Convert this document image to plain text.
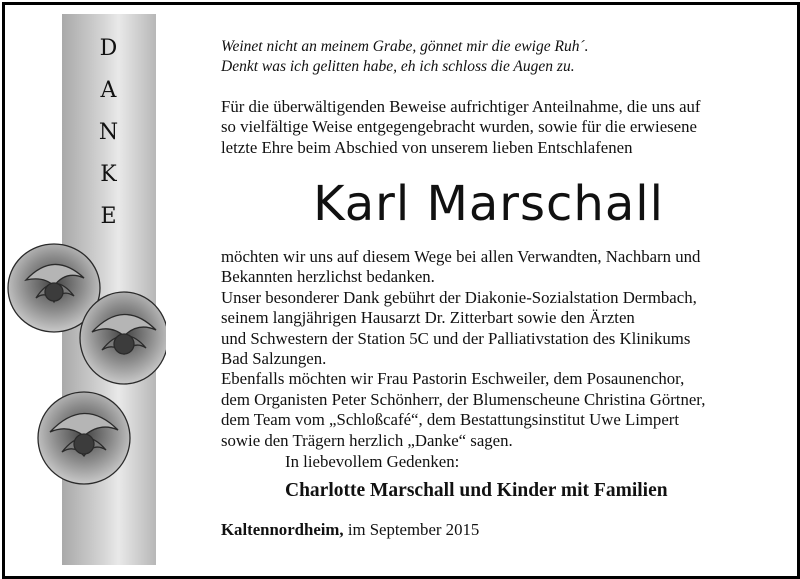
D
A
N
K
E
Weinet nicht an meinem Grabe, gönnet mir die ewige Ruh´.
Denkt was ich gelitten habe, eh ich schloss die Augen zu.
Für die überwältigenden Beweise aufrichtiger Anteilnahme, die uns auf
so vielfältige Weise entgegengebracht wurden, sowie für die erwiesene
letzte Ehre beim Abschied von unserem lieben Entschlafenen
Karl Marschall
möchten wir uns auf diesem Wege bei allen Verwandten, Nachbarn und
Bekannten herzlichst bedanken.
Unser besonderer Dank gebührt der Diakonie-Sozialstation Dermbach,
seinem langjährigen Hausarzt Dr. Zitterbart sowie den Ärzten
und Schwestern der Station 5C und der Palliativstation des Klinikums
Bad Salzungen.
Ebenfalls möchten wir Frau Pastorin Eschweiler, dem Posaunenchor,
dem Organisten Peter Schönherr, der Blumenscheune Christina Görtner,
dem Team vom „Schloßcafé“, dem Bestattungsinstitut Uwe Limpert
sowie den Trägern herzlich „Danke“ sagen.
In liebevollem Gedenken:
Charlotte Marschall und Kinder mit Familien
Kaltennordheim, im September 2015
